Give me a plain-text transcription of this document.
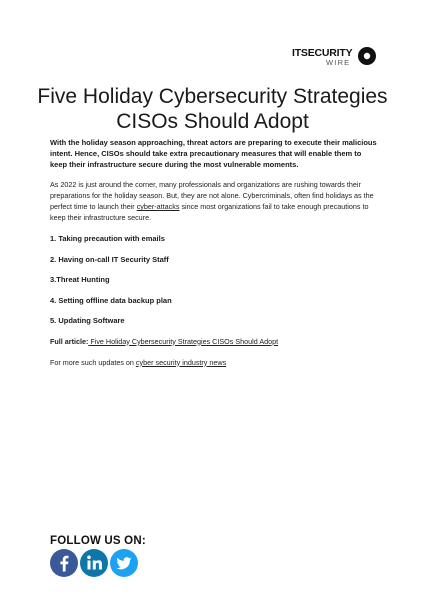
ITSECURITY
WIRE
Five Holiday Cybersecurity Strategies CISOs Should Adopt

With the holiday season approaching, threat actors are preparing to execute their malicious intent. Hence, CISOs should take extra precautionary measures that will enable them to keep their infrastructure secure during the most vulnerable moments.

As 2022 is just around the corner, many professionals and organizations are rushing towards their preparations for the holiday season. But, they are not alone. Cybercriminals, often find holidays as the perfect time to launch their cyber-attacks since most organizations fail to take enough precautions to keep their infrastructure secure.

1. Taking precaution with emails

2. Having on-call IT Security Staff

3.Threat Hunting

4. Setting offline data backup plan

5. Updating Software

Full article: Five Holiday Cybersecurity Strategies CISOs Should Adopt

For more such updates on cyber security industry news

FOLLOW US ON:
